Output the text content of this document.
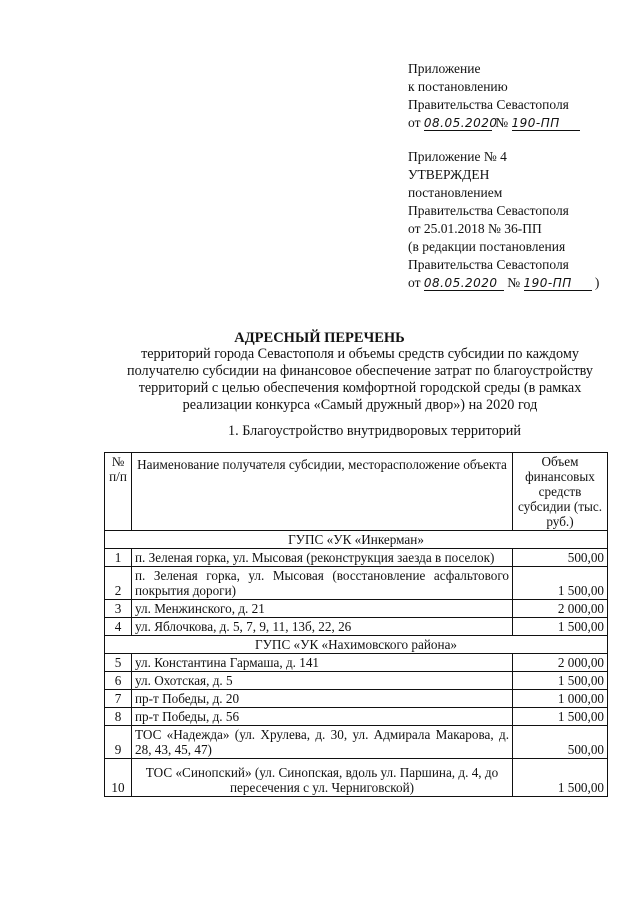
Приложение
к постановлению
Правительства Севастополя
от 08.05.2020 № 190-ПП
Приложение № 4
УТВЕРЖДЕН
постановлением
Правительства Севастополя
от 25.01.2018 № 36-ПП
(в редакции постановления
Правительства Севастополя
от 08.05.2020 № 190-ПП )
АДРЕСНЫЙ ПЕРЕЧЕНЬ
территорий города Севастополя и объемы средств субсидии по каждому получателю субсидии на финансовое обеспечение затрат по благоустройству территорий с целью обеспечения комфортной городской среды (в рамках реализации конкурса «Самый дружный двор») на 2020 год
1. Благоустройство внутридворовых территорий
№ п/п	Наименование получателя субсидии, месторасположение объекта	Объем финансовых средств субсидии (тыс. руб.)
ГУПС «УК «Инкерман»		
1	п. Зеленая горка, ул. Мысовая (реконструкция заезда в поселок)	500,00
2	п. Зеленая горка, ул. Мысовая (восстановление асфальтового покрытия дороги)	1 500,00
3	ул. Менжинского, д. 21	2 000,00
4	ул. Яблочкова, д. 5, 7, 9, 11, 13б, 22, 26	1 500,00
ГУПС «УК «Нахимовского района»		
5	ул. Константина Гармаша, д. 141	2 000,00
6	ул. Охотская, д. 5	1 500,00
7	пр-т Победы, д. 20	1 000,00
8	пр-т Победы, д. 56	1 500,00
9	ТОС «Надежда» (ул. Хрулева, д. 30, ул. Адмирала Макарова, д. 28, 43, 45, 47)	500,00
10	ТОС «Синопский» (ул. Синопская, вдоль ул. Паршина, д. 4, до пересечения с ул. Черниговской)	1 500,00
